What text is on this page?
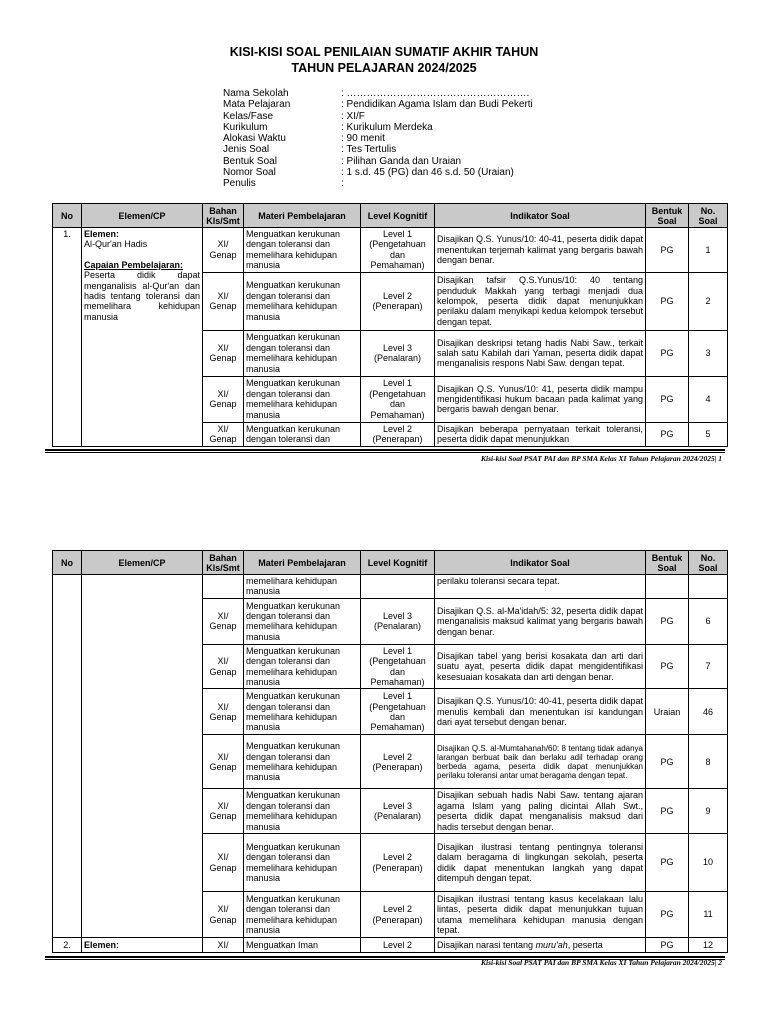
KISI-KISI SOAL PENILAIAN SUMATIF AKHIR TAHUN
TAHUN PELAJARAN 2024/2025
Nama Sekolah	: ……………………………………………….
Mata Pelajaran	: Pendidikan Agama Islam dan Budi Pekerti
Kelas/Fase	: XI/F
Kurikulum	: Kurikulum Merdeka
Alokasi Waktu	: 90 menit
Jenis Soal	: Tes Tertulis
Bentuk Soal	: Pilihan Ganda dan Uraian
Nomor Soal	: 1 s.d. 45 (PG) dan 46 s.d. 50 (Uraian)
Penulis	:
No	Elemen/CP	Bahan Kls/Smt	Materi Pembelajaran	Level Kognitif	Indikator Soal	Bentuk Soal	No. Soal
1.	Elemen:
Al-Qur'an Hadis
Capaian Pembelajaran:
Peserta didik dapat menganalisis al-Qur'an dan hadis tentang toleransi dan memelihara kehidupan manusia	XI/ Genap	Menguatkan kerukunan dengan toleransi dan memelihara kehidupan manusia	Level 1 (Pengetahuan dan Pemahaman)	Disajikan Q.S. Yunus/10: 40-41, peserta didik dapat menentukan terjemah kalimat yang bergaris bawah dengan benar.	PG	1
		XI/ Genap	Menguatkan kerukunan dengan toleransi dan memelihara kehidupan manusia	Level 2 (Penerapan)	Disajikan tafsir Q.S.Yunus/10: 40 tentang penduduk Makkah yang terbagi menjadi dua kelompok, peserta didik dapat menunjukkan perilaku dalam menyikapi kedua kelompok tersebut dengan tepat.	PG	2
		XI/ Genap	Menguatkan kerukunan dengan toleransi dan memelihara kehidupan manusia	Level 3 (Penalaran)	Disajikan deskripsi tetang hadis Nabi Saw., terkait salah satu Kabilah dari Yaman, peserta didik dapat menganalisis respons Nabi Saw. dengan tepat.	PG	3
		XI/ Genap	Menguatkan kerukunan dengan toleransi dan memelihara kehidupan manusia	Level 1 (Pengetahuan dan Pemahaman)	Disajikan Q.S. Yunus/10: 41, peserta didik mampu mengidentifikasi hukum bacaan pada kalimat yang bergaris bawah dengan benar.	PG	4
		XI/ Genap	Menguatkan kerukunan dengan toleransi dan	Level 2 (Penerapan)	Disajikan beberapa pernyataan terkait toleransi, peserta didik dapat menunjukkan	PG	5
Kisi-kisi Soal PSAT PAI dan BP SMA Kelas XI Tahun Pelajaran 2024/2025| 1
No	Elemen/CP	Bahan Kls/Smt	Materi Pembelajaran	Level Kognitif	Indikator Soal	Bentuk Soal	No. Soal
			memelihara kehidupan manusia		perilaku toleransi secara tepat.		
		XI/ Genap	Menguatkan kerukunan dengan toleransi dan memelihara kehidupan manusia	Level 3 (Penalaran)	Disajikan Q.S. al-Ma'idah/5: 32, peserta didik dapat menganalisis maksud kalimat yang bergaris bawah dengan benar.	PG	6
		XI/ Genap	Menguatkan kerukunan dengan toleransi dan memelihara kehidupan manusia	Level 1 (Pengetahuan dan Pemahaman)	Disajikan tabel yang berisi kosakata dan arti dari suatu ayat, peserta didik dapat mengidentifikasi kesesuaian kosakata dan arti dengan benar.	PG	7
		XI/ Genap	Menguatkan kerukunan dengan toleransi dan memelihara kehidupan manusia	Level 1 (Pengetahuan dan Pemahaman)	Disajikan Q.S. Yunus/10: 40-41, peserta didik dapat menulis kembali dan menentukan isi kandungan dari ayat tersebut dengan benar.	Uraian	46
		XI/ Genap	Menguatkan kerukunan dengan toleransi dan memelihara kehidupan manusia	Level 2 (Penerapan)	Disajikan Q.S. al-Mumtahanah/60: 8 tentang tidak adanya larangan berbuat baik dan berlaku adil terhadap orang berbeda agama, peserta didik dapat menunjukkan perilaku toleransi antar umat beragama dengan tepat.	PG	8
		XI/ Genap	Menguatkan kerukunan dengan toleransi dan memelihara kehidupan manusia	Level 3 (Penalaran)	Disajikan sebuah hadis Nabi Saw. tentang ajaran agama Islam yang paling dicintai Allah Swt., peserta didik dapat menganalisis maksud dari hadis tersebut dengan benar.	PG	9
		XI/ Genap	Menguatkan kerukunan dengan toleransi dan memelihara kehidupan manusia	Level 2 (Penerapan)	Disajikan ilustrasi tentang pentingnya toleransi dalam beragama di lingkungan sekolah, peserta didik dapat menentukan langkah yang dapat ditempuh dengan tepat.	PG	10
		XI/ Genap	Menguatkan kerukunan dengan toleransi dan memelihara kehidupan manusia	Level 2 (Penerapan)	Disajikan ilustrasi tentang kasus kecelakaan lalu lintas, peserta didik dapat menunjukkan tujuan utama memelihara kehidupan manusia dengan tepat.	PG	11
2.	Elemen:	XI/	Menguatkan Iman	Level 2	Disajikan narasi tentang muru'ah, peserta	PG	12
Kisi-kisi Soal PSAT PAI dan BP SMA Kelas XI Tahun Pelajaran 2024/2025| 2
